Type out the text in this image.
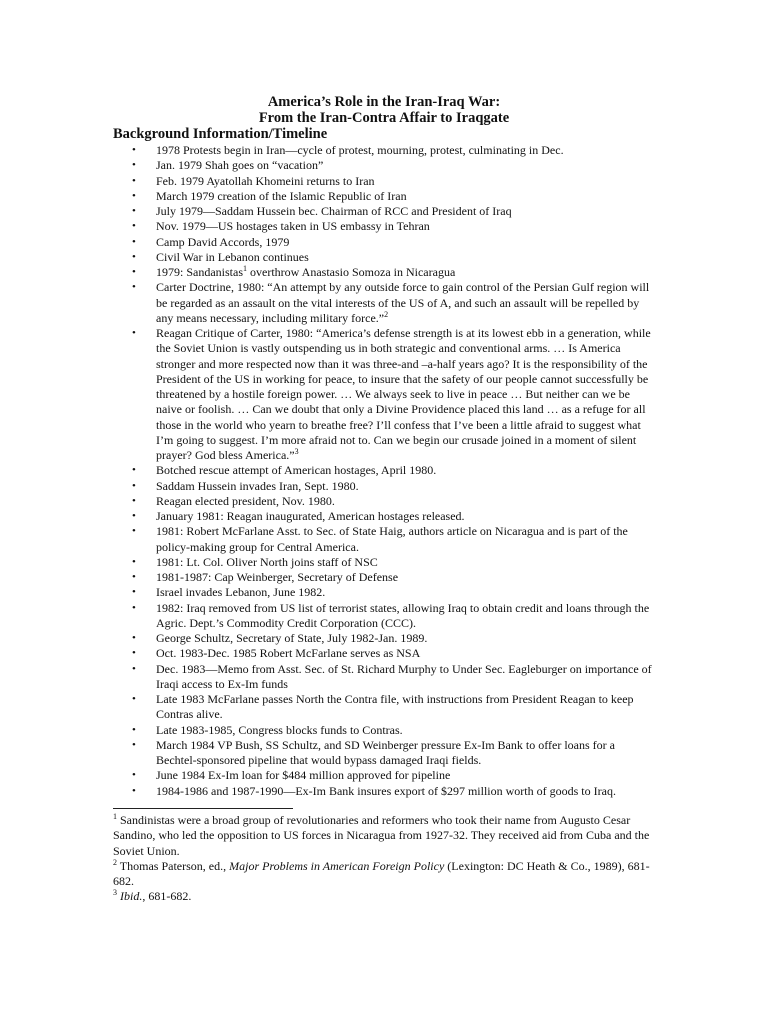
America’s Role in the Iran-Iraq War:
From the Iran-Contra Affair to Iraqgate
Background Information/Timeline
• 1978 Protests begin in Iran—cycle of protest, mourning, protest, culminating in Dec.
• Jan. 1979 Shah goes on “vacation”
• Feb. 1979 Ayatollah Khomeini returns to Iran
• March 1979 creation of the Islamic Republic of Iran
• July 1979—Saddam Hussein bec. Chairman of RCC and President of Iraq
• Nov. 1979—US hostages taken in US embassy in Tehran
• Camp David Accords, 1979
• Civil War in Lebanon continues
• 1979: Sandanistas$^1$ overthrow Anastasio Somoza in Nicaragua
• Carter Doctrine, 1980: “An attempt by any outside force to gain control of the Persian Gulf region will be regarded as an assault on the vital interests of the US of A, and such an assault will be repelled by any means necessary, including military force.”$^2$
• Reagan Critique of Carter, 1980: “America’s defense strength is at its lowest ebb in a generation, while the Soviet Union is vastly outspending us in both strategic and conventional arms. … Is America stronger and more respected now than it was three-and –a-half years ago? It is the responsibility of the President of the US in working for peace, to insure that the safety of our people cannot successfully be threatened by a hostile foreign power. … We always seek to live in peace … But neither can we be naive or foolish. … Can we doubt that only a Divine Providence placed this land … as a refuge for all those in the world who yearn to breathe free? I’ll confess that I’ve been a little afraid to suggest what I’m going to suggest. I’m more afraid not to. Can we begin our crusade joined in a moment of silent prayer? God bless America.”$^3$
• Botched rescue attempt of American hostages, April 1980.
• Saddam Hussein invades Iran, Sept. 1980.
• Reagan elected president, Nov. 1980.
• January 1981: Reagan inaugurated, American hostages released.
• 1981: Robert McFarlane Asst. to Sec. of State Haig, authors article on Nicaragua and is part of the policy-making group for Central America.
• 1981: Lt. Col. Oliver North joins staff of NSC
• 1981-1987: Cap Weinberger, Secretary of Defense
• Israel invades Lebanon, June 1982.
• 1982: Iraq removed from US list of terrorist states, allowing Iraq to obtain credit and loans through the Agric. Dept.’s Commodity Credit Corporation (CCC).
• George Schultz, Secretary of State, July 1982-Jan. 1989.
• Oct. 1983-Dec. 1985 Robert McFarlane serves as NSA
• Dec. 1983—Memo from Asst. Sec. of St. Richard Murphy to Under Sec. Eagleburger on importance of Iraqi access to Ex-Im funds
• Late 1983 McFarlane passes North the Contra file, with instructions from President Reagan to keep Contras alive.
• Late 1983-1985, Congress blocks funds to Contras.
• March 1984 VP Bush, SS Schultz, and SD Weinberger pressure Ex-Im Bank to offer loans for a Bechtel-sponsored pipeline that would bypass damaged Iraqi fields.
• June 1984 Ex-Im loan for $484 million approved for pipeline
• 1984-1986 and 1987-1990—Ex-Im Bank insures export of $297 million worth of goods to Iraq.

$^1$ Sandinistas were a broad group of revolutionaries and reformers who took their name from Augusto Cesar Sandino, who led the opposition to US forces in Nicaragua from 1927-32. They received aid from Cuba and the Soviet Union.

$^2$ Thomas Paterson, ed., Major Problems in American Foreign Policy (Lexington: DC Heath & Co., 1989), 681-682.

$^3$ Ibid., 681-682.
